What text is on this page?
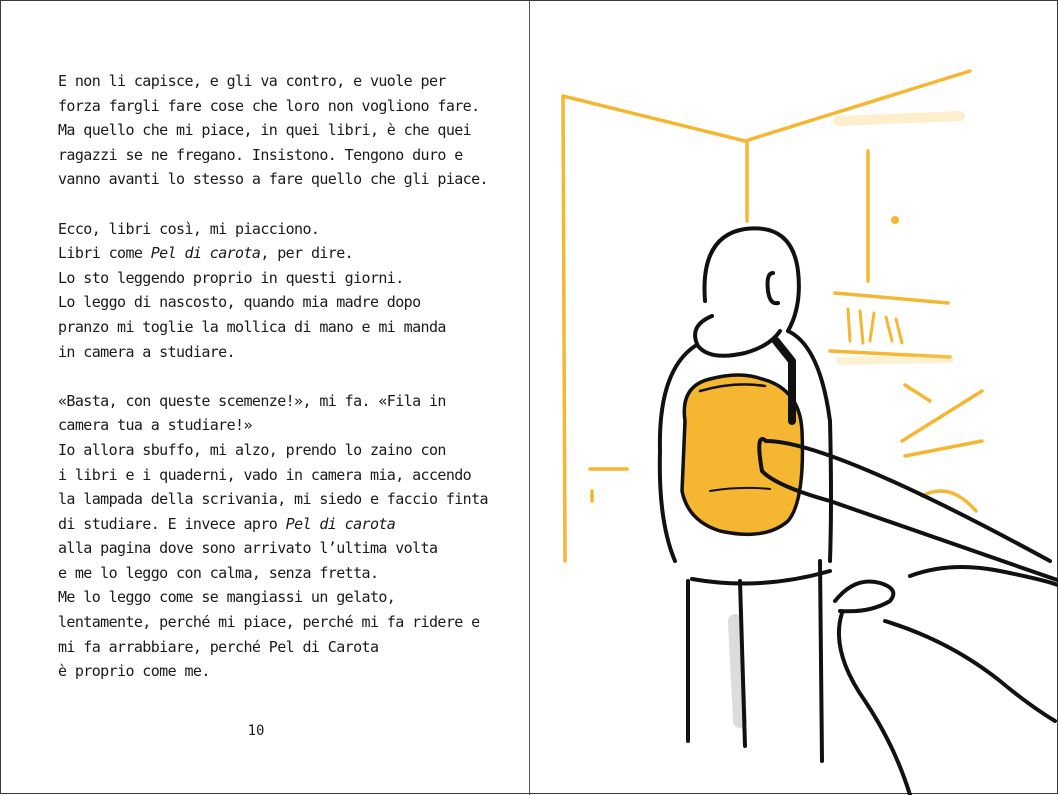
E non li capisce, e gli va contro, e vuole per
forza fargli fare cose che loro non vogliono fare.
Ma quello che mi piace, in quei libri, è che quei
ragazzi se ne fregano. Insistono. Tengono duro e
vanno avanti lo stesso a fare quello che gli piace.
Ecco, libri così, mi piacciono.
Libri come Pel di carota, per dire.
Lo sto leggendo proprio in questi giorni.
Lo leggo di nascosto, quando mia madre dopo
pranzo mi toglie la mollica di mano e mi manda
in camera a studiare.
«Basta, con queste scemenze!», mi fa. «Fila in
camera tua a studiare!»
Io allora sbuffo, mi alzo, prendo lo zaino con
i libri e i quaderni, vado in camera mia, accendo
la lampada della scrivania, mi siedo e faccio finta
di studiare. E invece apro Pel di carota
alla pagina dove sono arrivato l’ultima volta
e me lo leggo con calma, senza fretta.
Me lo leggo come se mangiassi un gelato,
lentamente, perché mi piace, perché mi fa ridere e
mi fa arrabbiare, perché Pel di Carota
è proprio come me.
10
